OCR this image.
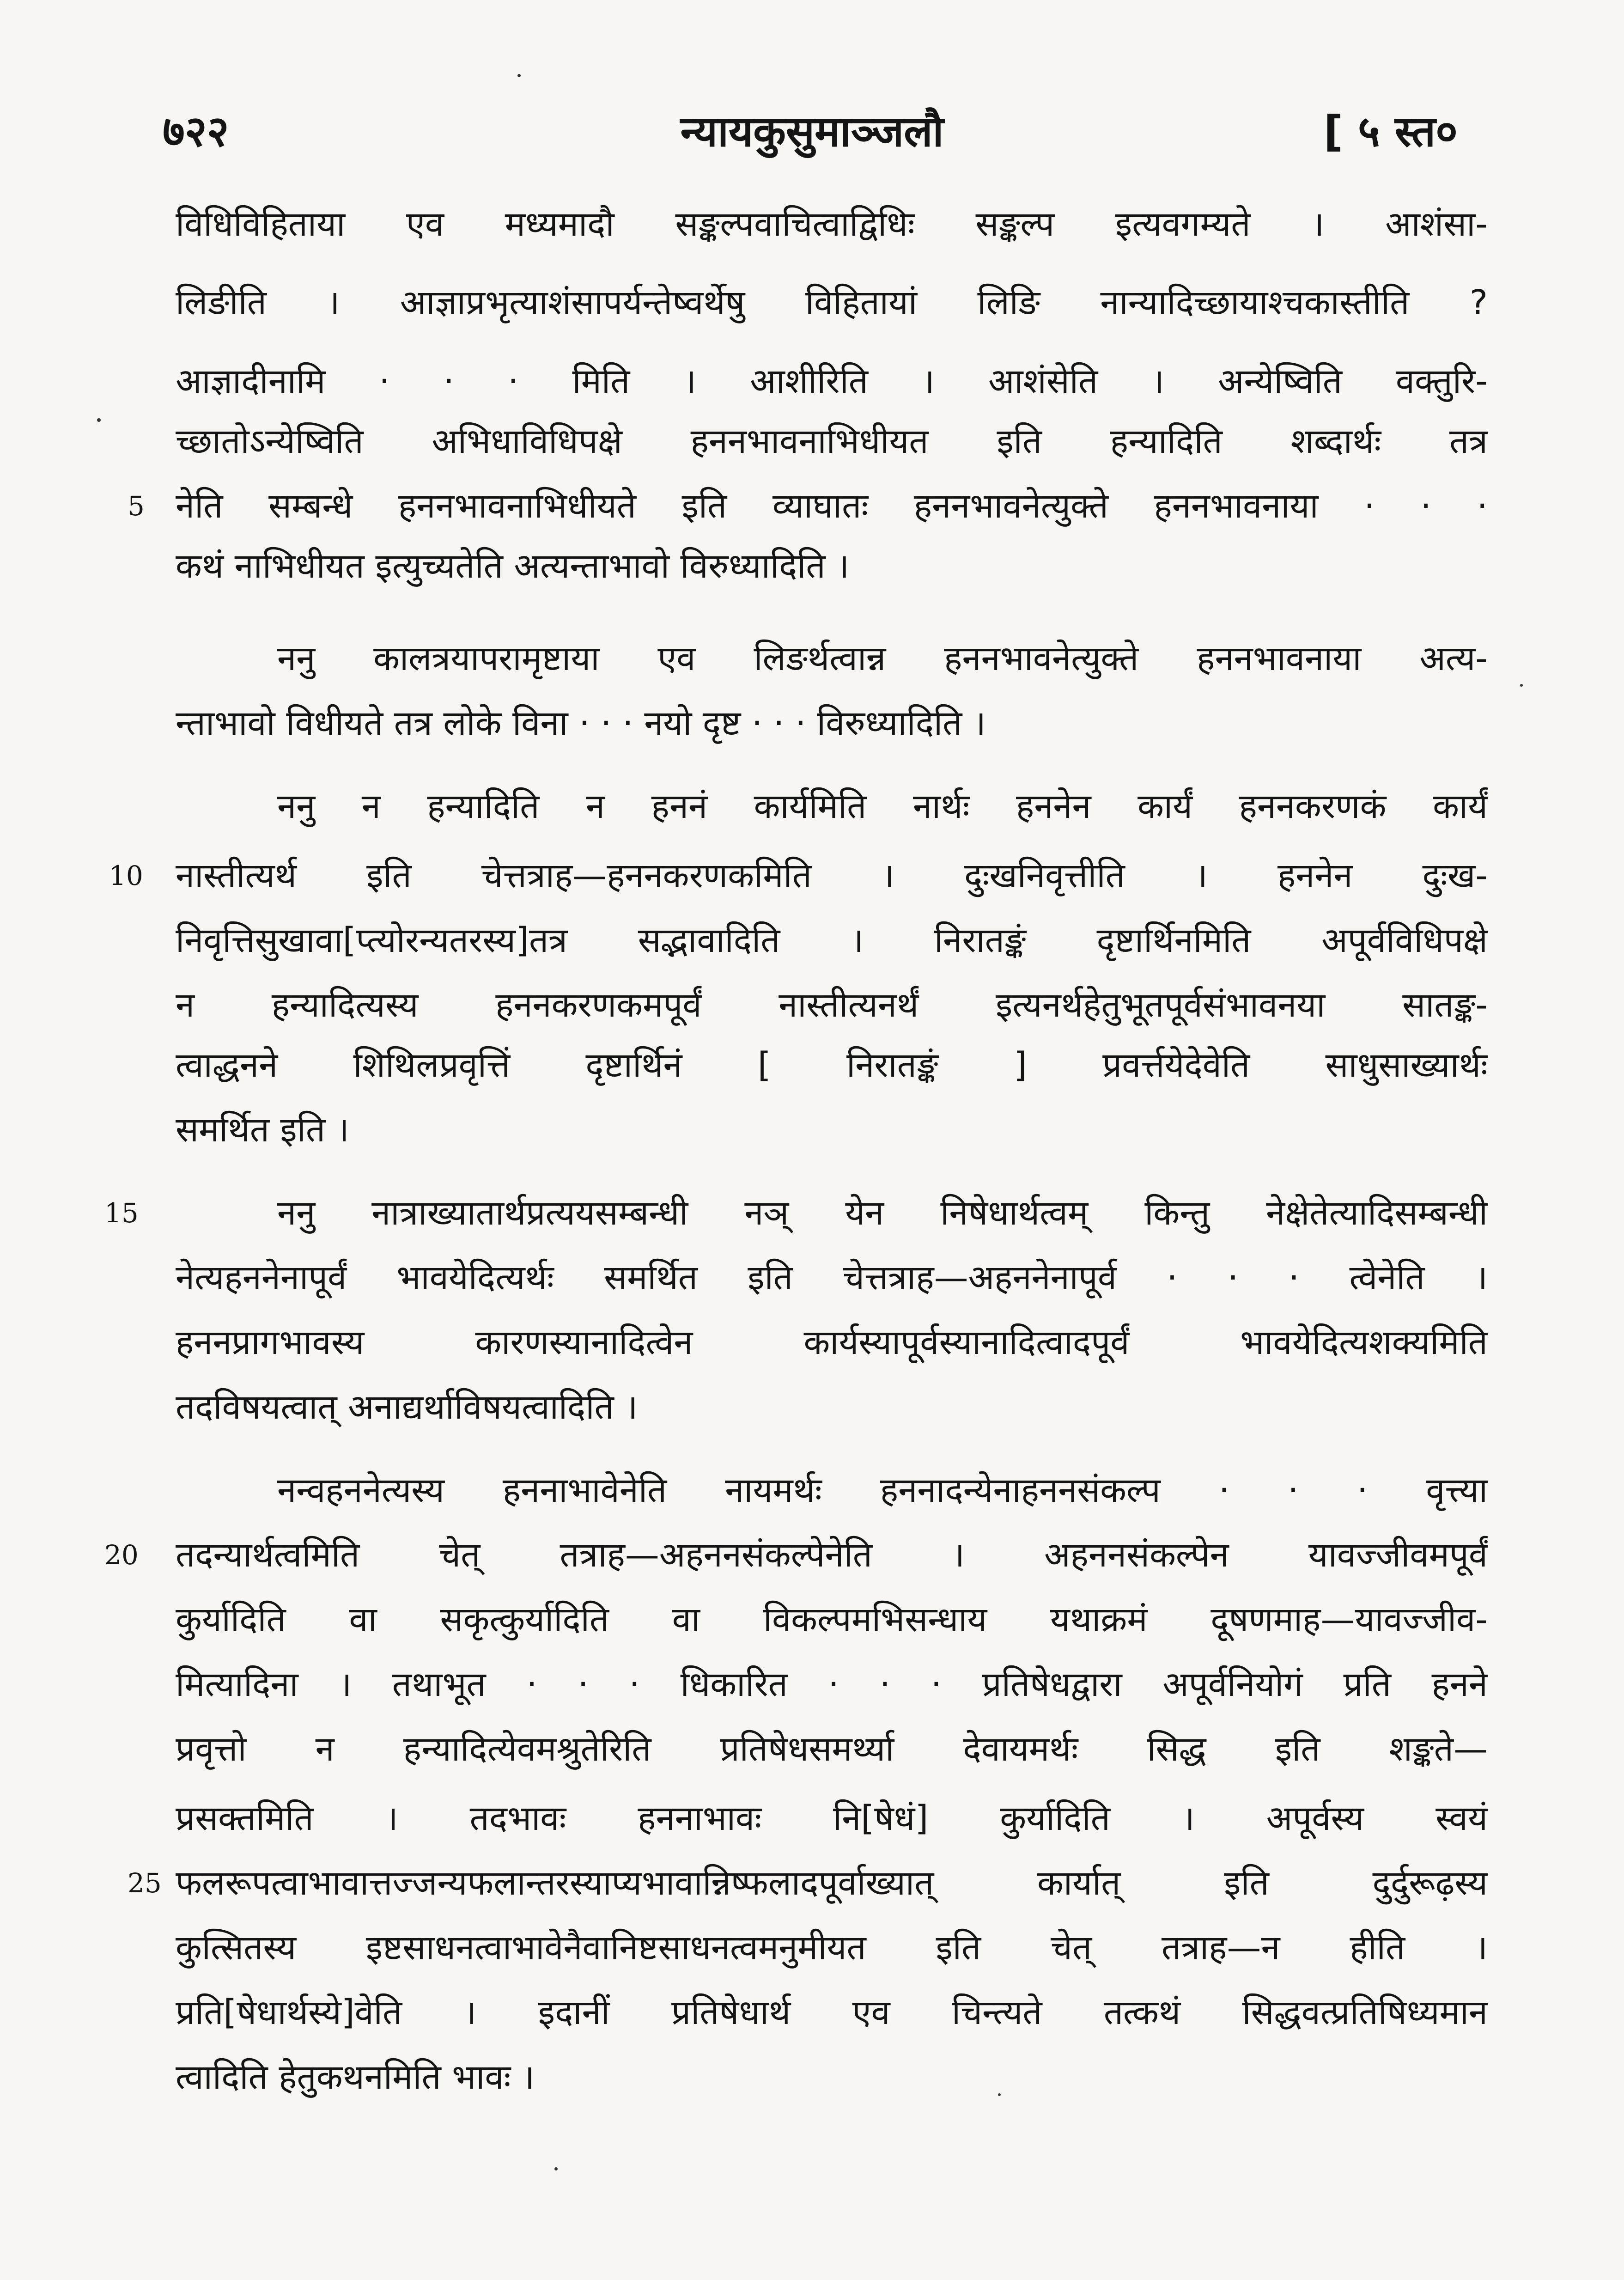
न्यायकुसुमाञ्जलौ
७२२	[ ५ स्त०
विधिविहिताया एव मध्यमादौ सङ्कल्पवाचित्वाद्विधिः सङ्कल्प इत्यवगम्यते । आशंसा-
लिङीति । आज्ञाप्रभृत्याशंसापर्यन्तेष्वर्थेषु विहितायां लिङि नान्यादिच्छायाश्चकास्तीति ?
आज्ञादीनामि · · · मिति । आशीरिति । आशंसेति । अन्येष्विति वक्तुरि-
च्छातोऽन्येष्विति अभिधाविधिपक्षे हननभावनाभिधीयत इति हन्यादिति शब्दार्थः तत्र
नेति सम्बन्धे हननभावनाभिधीयते इति व्याघातः हननभावनेत्युक्ते हननभावनाया · · ·
कथं नाभिधीयत इत्युच्यतेति अत्यन्ताभावो विरुध्यादिति ।
ननु कालत्रयापरामृष्टाया एव लिङर्थत्वान्न हननभावनेत्युक्ते हननभावनाया अत्य-
न्ताभावो विधीयते तत्र लोके विना · · · नयो दृष्ट · · · विरुध्यादिति ।
ननु न हन्यादिति न हननं कार्यमिति नार्थः हननेन कार्यं हननकरणकं कार्यं
नास्तीत्यर्थ इति चेत्तत्राह—हननकरणकमिति । दुःखनिवृत्तीति । हननेन दुःख-
निवृत्तिसुखावा[प्त्योरन्यतरस्य]तत्र सद्भावादिति । निरातङ्कं दृष्टार्थिनमिति अपूर्वविधिपक्षे
न हन्यादित्यस्य हननकरणकमपूर्वं नास्तीत्यनर्थं इत्यनर्थहेतुभूतपूर्वसंभावनया सातङ्क-
त्वाद्धनने शिथिलप्रवृत्तिं दृष्टार्थिनं [ निरातङ्कं ] प्रवर्त्तयेदेवेति साधुसाख्यार्थः
समर्थित इति ।
ननु नात्राख्यातार्थप्रत्ययसम्बन्धी नञ् येन निषेधार्थत्वम् किन्तु नेक्षेतेत्यादिसम्बन्धी
नेत्यहननेनापूर्वं भावयेदित्यर्थः समर्थित इति चेत्तत्राह—अहननेनापूर्व · · · त्वेनेति ।
हननप्रागभावस्य कारणस्यानादित्वेन कार्यस्यापूर्वस्यानादित्वादपूर्वं भावयेदित्यशक्यमिति
तदविषयत्वात् अनाद्यर्थाविषयत्वादिति ।
नन्वहननेत्यस्य हननाभावेनेति नायमर्थः हननादन्येनाहननसंकल्प · · · वृत्त्या
तदन्यार्थत्वमिति चेत् तत्राह—अहननसंकल्पेनेति । अहननसंकल्पेन यावज्जीवमपूर्वं
कुर्यादिति वा सकृत्कुर्यादिति वा विकल्पमभिसन्धाय यथाक्रमं दूषणमाह—यावज्जीव-
मित्यादिना । तथाभूत · · · धिकारित · · · प्रतिषेधद्वारा अपूर्वनियोगं प्रति हनने
प्रवृत्तो न हन्यादित्येवमश्रुतेरिति प्रतिषेधसमर्थ्या देवायमर्थः सिद्ध इति शङ्कते—
प्रसक्तमिति । तदभावः हननाभावः नि[षेधं] कुर्यादिति । अपूर्वस्य स्वयं
फलरूपत्वाभावात्तज्जन्यफलान्तरस्याप्यभावान्निष्फलादपूर्वाख्यात् कार्यात् इति दुर्दुरूढ़स्य
कुत्सितस्य इष्टसाधनत्वाभावेनैवानिष्टसाधनत्वमनुमीयत इति चेत् तत्राह—न हीति ।
प्रति[षेधार्थस्ये]वेति । इदानीं प्रतिषेधार्थ एव चिन्त्यते तत्कथं सिद्धवत्प्रतिषिध्यमान
त्वादिति हेतुकथनमिति भावः ।
5
10
15
20
25
